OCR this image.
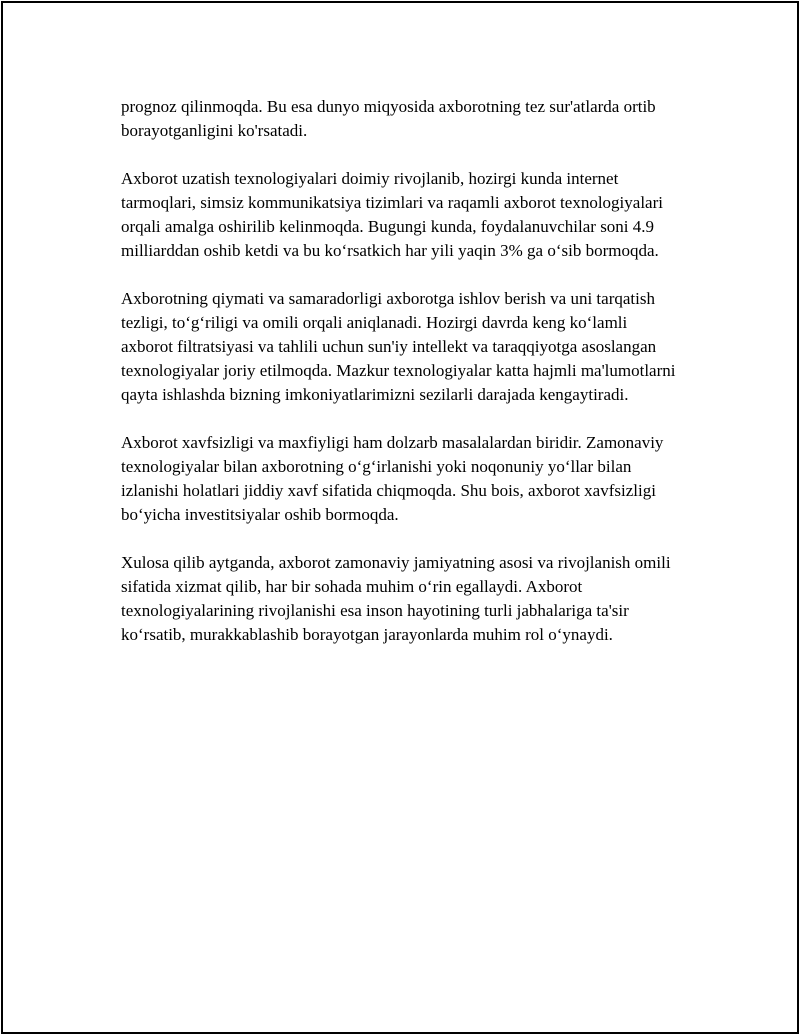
prognoz qilinmoqda. Bu esa dunyo miqyosida axborotning tez sur'atlarda ortib borayotganligini ko'rsatadi.

Axborot uzatish texnologiyalari doimiy rivojlanib, hozirgi kunda internet tarmoqlari, simsiz kommunikatsiya tizimlari va raqamli axborot texnologiyalari orqali amalga oshirilib kelinmoqda. Bugungi kunda, foydalanuvchilar soni 4.9 milliarddan oshib ketdi va bu koʻrsatkich har yili yaqin 3% ga oʻsib bormoqda.

Axborotning qiymati va samaradorligi axborotga ishlov berish va uni tarqatish tezligi, toʻgʻriligi va omili orqali aniqlanadi. Hozirgi davrda keng koʻlamli axborot filtratsiyasi va tahlili uchun sun'iy intellekt va taraqqiyotga asoslangan texnologiyalar joriy etilmoqda. Mazkur texnologiyalar katta hajmli ma'lumotlarni qayta ishlashda bizning imkoniyatlarimizni sezilarli darajada kengaytiradi.

Axborot xavfsizligi va maxfiyligi ham dolzarb masalalardan biridir. Zamonaviy texnologiyalar bilan axborotning oʻgʻirlanishi yoki noqonuniy yoʻllar bilan izlanishi holatlari jiddiy xavf sifatida chiqmoqda. Shu bois, axborot xavfsizligi boʻyicha investitsiyalar oshib bormoqda.

Xulosa qilib aytganda, axborot zamonaviy jamiyatning asosi va rivojlanish omili sifatida xizmat qilib, har bir sohada muhim oʻrin egallaydi. Axborot texnologiyalarining rivojlanishi esa inson hayotining turli jabhalariga ta'sir koʻrsatib, murakkablashib borayotgan jarayonlarda muhim rol oʻynaydi.
